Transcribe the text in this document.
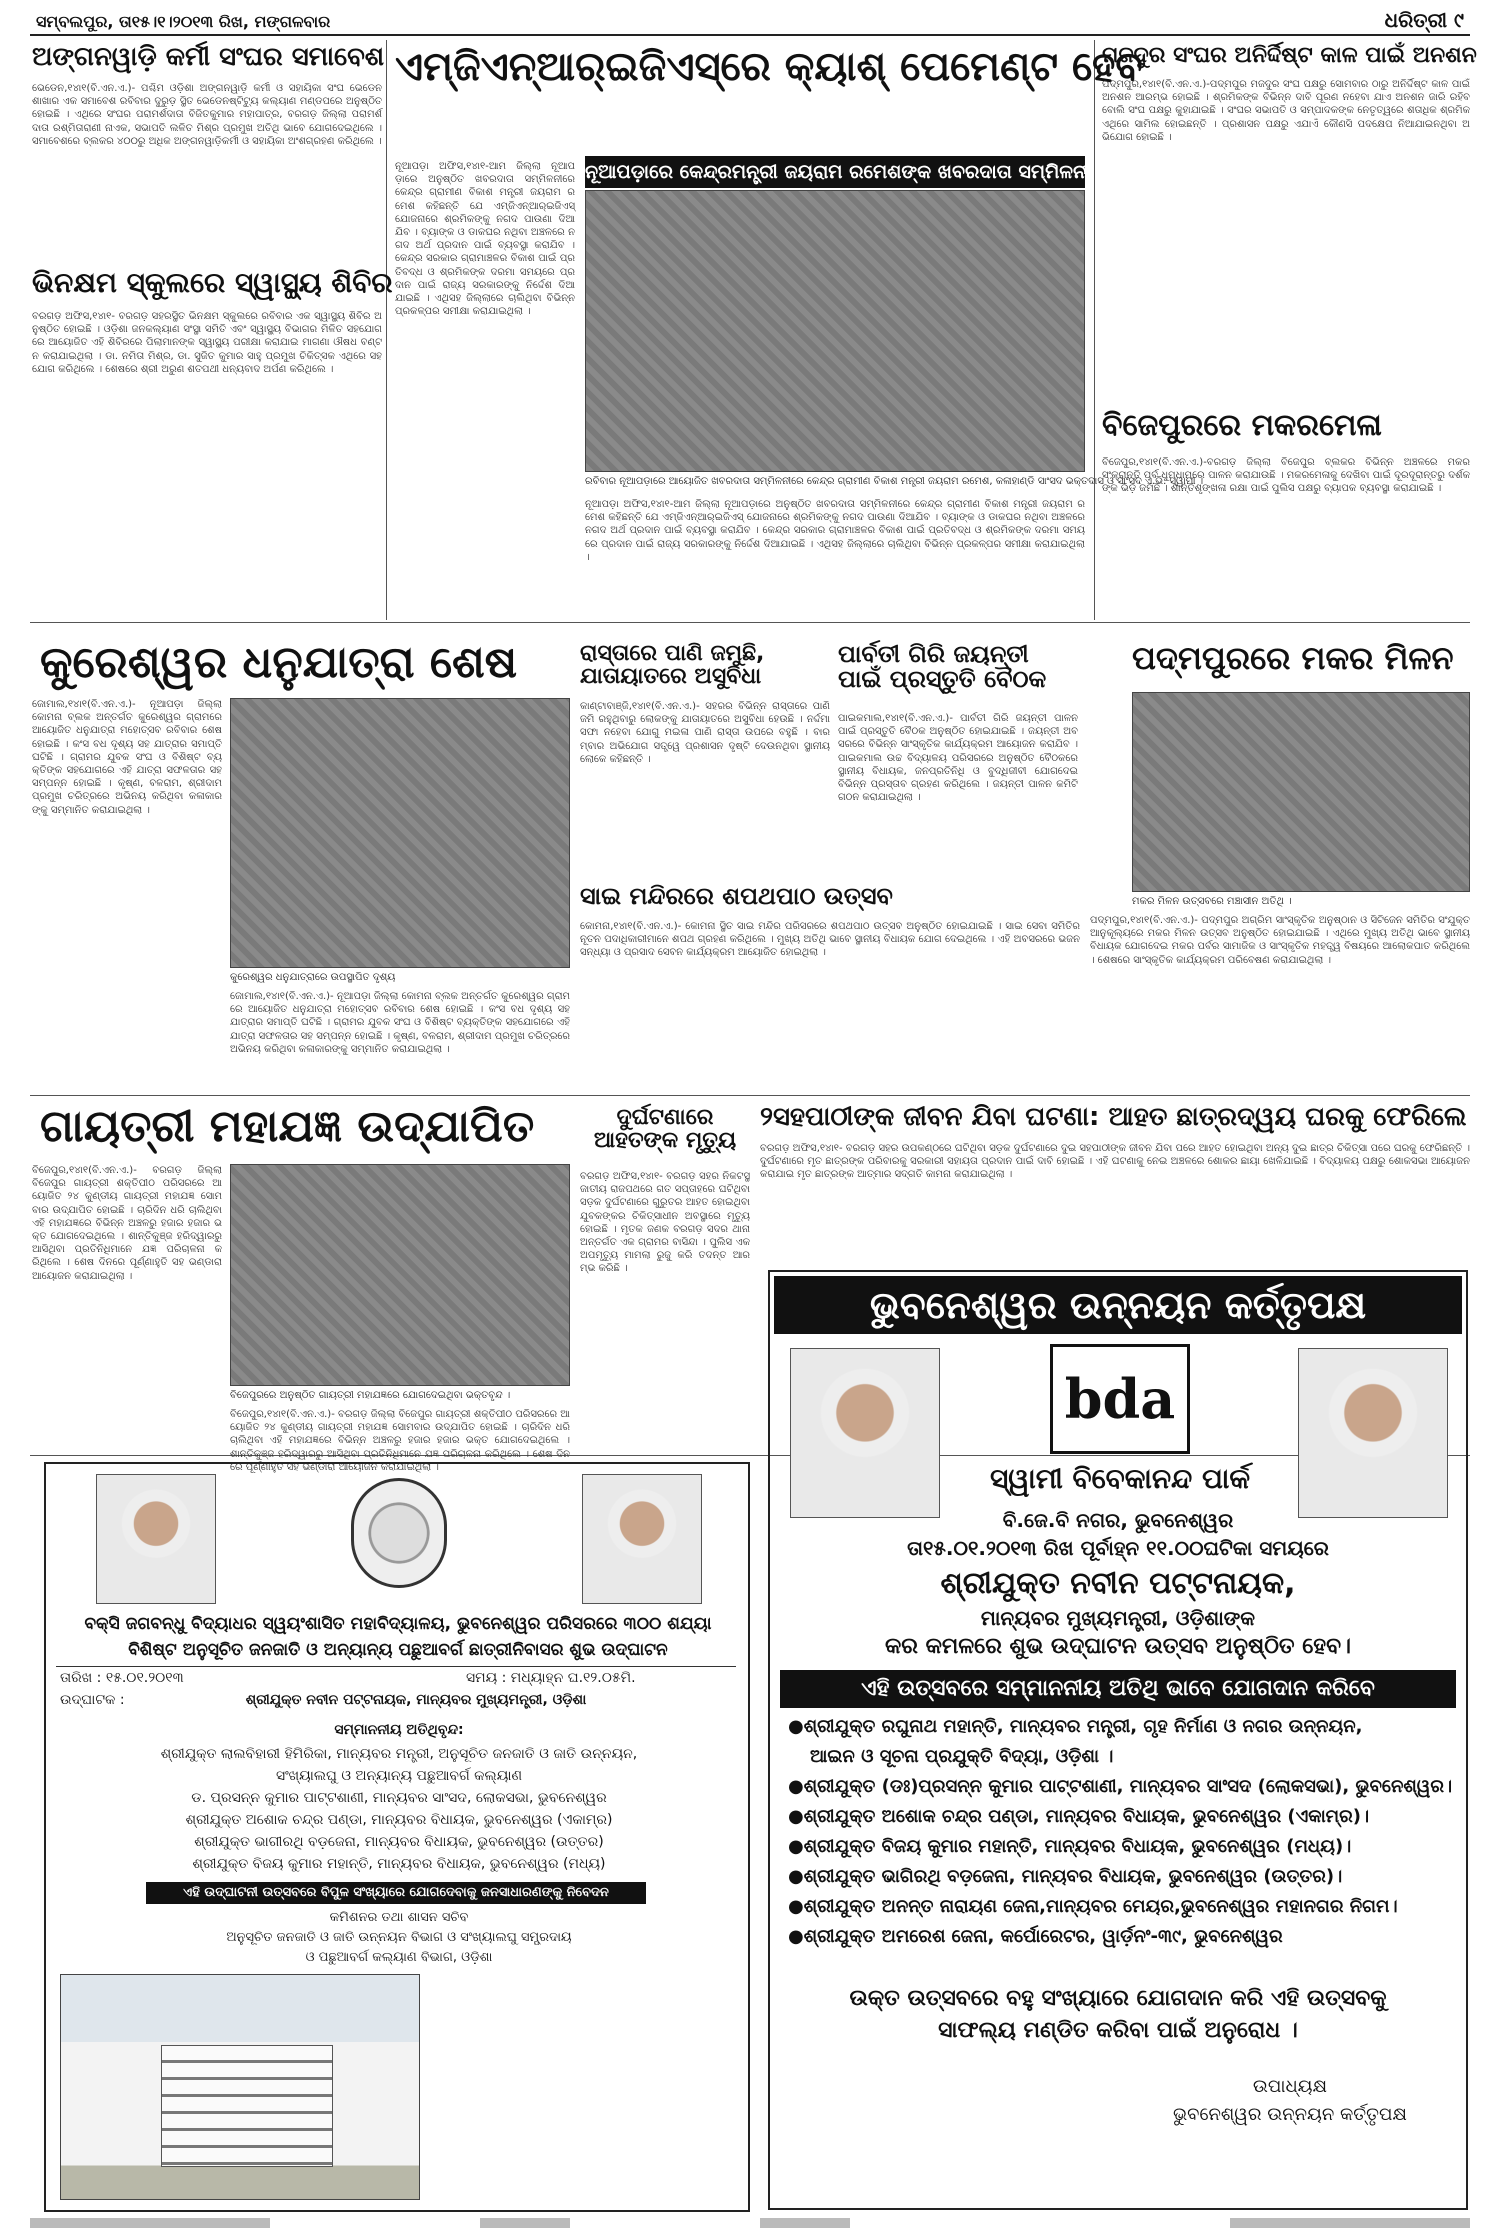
ସମ୍ବଲପୁର, ତା୧୫।୧।୨୦୧୩ ରିଖ, ମଙ୍ଗଳବାର	ଧରିତ୍ରୀ ୯
ଅଙ୍ଗନୱାଡ଼ି କର୍ମୀ ସଂଘର ସମାବେଶ
ଭେଡେନ,୧୪ା୧(ବି.ଏନ.ଏ.)- ପଶ୍ଚିମ ଓଡ଼ିଶା ଅଙ୍ଗନୱାଡ଼ି କର୍ମୀ ଓ ସହାୟିକା ସଂଘ ଭେଡେନ ଶାଖାର ଏକ ସମାବେଶ ରବିବାର ଦୁରୁଡ଼ ସ୍ଥିତ ଭେଡେନଷ୍ଟିଟ୍ୟୁ କଲ୍ୟାଣ ମଣ୍ଡପରେ ଅନୁଷ୍ଠିତ ହୋଇଛି । ଏଥିରେ ସଂଘର ପରାମର୍ଶଦାତା ବିଜିତକୁମାର ମହାପାତ୍ର, ବରଗଡ଼ ଜିଲ୍ଲା ପରାମର୍ଶଦାତା ରଶ୍ମିତାରାଣୀ ନାଏକ, ସଭାପତି ଲଳିତ ମିଶ୍ର ପ୍ରମୁଖ ଅତିଥି ଭାବେ ଯୋଗଦେଇଥିଲେ । ସମାବେଶରେ ବ୍ଲକର ୪୦୦ରୁ ଅଧିକ ଅଙ୍ଗନୱାଡ଼ିକର୍ମୀ ଓ ସହାୟିକା ଅଂଶଗ୍ରହଣ କରିଥିଲେ ।
ଭିନକ୍ଷମ ସ୍କୁଲରେ ସ୍ୱାସ୍ଥ୍ୟ ଶିବିର
ବରଗଡ଼ ଅଫିସ,୧୪ା୧- ବରଗଡ଼ ସହରସ୍ଥିତ ଭିନକ୍ଷମ ସ୍କୁଲରେ ରବିବାର ଏକ ସ୍ୱାସ୍ଥ୍ୟ ଶିବିର ଅନୁଷ୍ଠିତ ହୋଇଛି । ଓଡ଼ିଶା ଜନକଲ୍ୟାଣ ସଂସ୍ଥା ସମିତି ଏବଂ ସ୍ୱାସ୍ଥ୍ୟ ବିଭାଗର ମିଳିତ ସହଯୋଗରେ ଆୟୋଜିତ ଏହି ଶିବିରରେ ପିଲାମାନଙ୍କ ସ୍ୱାସ୍ଥ୍ୟ ପରୀକ୍ଷା କରାଯାଇ ମାଗଣା ଔଷଧ ବଣ୍ଟନ କରାଯାଇଥିଲା । ଡା. ନମିତା ମିଶ୍ର, ଡା. ସୁଜିତ କୁମାର ସାହୁ ପ୍ରମୁଖ ଚିକିତ୍ସକ ଏଥିରେ ସହଯୋଗ କରିଥିଲେ । ଶେଷରେ ଶ୍ରୀ ଅରୁଣ ଶତପଥୀ ଧନ୍ୟବାଦ ଅର୍ପଣ କରିଥିଲେ ।
ଏମ୍‌ଜିଏନ୍‌ଆର୍‌ଇଜିଏସ୍‌ରେ କ୍ୟାଶ୍ ପେମେଣ୍ଟ ହେବ
ନୂଆପଡ଼ା ଅଫିସ,୧୪ା୧-ଆମ ଜିଲ୍ଲା ନୂଆପଡ଼ାରେ ଅନୁଷ୍ଠିତ ଖବରଦାତା ସମ୍ମିଳନୀରେ କେନ୍ଦ୍ର ଗ୍ରାମୀଣ ବିକାଶ ମନ୍ତ୍ରୀ ଜୟରାମ ରମେଶ କହିଛନ୍ତି ଯେ ଏମ୍‌ଜିଏନ୍‌ଆର୍‌ଇଜିଏସ୍ ଯୋଜନାରେ ଶ୍ରମିକଙ୍କୁ ନଗଦ ପାଉଣା ଦିଆଯିବ । ବ୍ୟାଙ୍କ ଓ ଡାକଘର ନଥିବା ଅଞ୍ଚଳରେ ନଗଦ ଅର୍ଥ ପ୍ରଦାନ ପାଇଁ ବ୍ୟବସ୍ଥା କରାଯିବ । କେନ୍ଦ୍ର ସରକାର ଗ୍ରାମାଞ୍ଚଳର ବିକାଶ ପାଇଁ ପ୍ରତିବଦ୍ଧ ଓ ଶ୍ରମିକଙ୍କ ଦରମା ସମୟରେ ପ୍ରଦାନ ପାଇଁ ରାଜ୍ୟ ସରକାରଙ୍କୁ ନିର୍ଦ୍ଦେଶ ଦିଆଯାଇଛି । ଏଥିସହ ଜିଲ୍ଲାରେ ଚାଲିଥିବା ବିଭିନ୍ନ ପ୍ରକଳ୍ପର ସମୀକ୍ଷା କରାଯାଇଥିଲା ।
ନୂଆପଡ଼ାରେ କେନ୍ଦ୍ରମନ୍ତ୍ରୀ ଜୟରାମ ରମେଶଙ୍କ ଖବରଦାତା ସମ୍ମିଳନୀ
ରବିବାର ନୂଆପଡ଼ାରେ ଆୟୋଜିତ ଖବରଦାତା ସମ୍ମିଳନୀରେ କେନ୍ଦ୍ର ଗ୍ରାମୀଣ ବିକାଶ ମନ୍ତ୍ରୀ ଜୟରାମ ରମେଶ, କଳାହାଣ୍ଡି ସାଂସଦ ଭକ୍ତଦାସ ଓ ସାଂସଦ ଏ.ଭି. ସ୍ୱାମୀ ।
ନୂଆପଡ଼ା ଅଫିସ,୧୪ା୧-ଆମ ଜିଲ୍ଲା ନୂଆପଡ଼ାରେ ଅନୁଷ୍ଠିତ ଖବରଦାତା ସମ୍ମିଳନୀରେ କେନ୍ଦ୍ର ଗ୍ରାମୀଣ ବିକାଶ ମନ୍ତ୍ରୀ ଜୟରାମ ରମେଶ କହିଛନ୍ତି ଯେ ଏମ୍‌ଜିଏନ୍‌ଆର୍‌ଇଜିଏସ୍ ଯୋଜନାରେ ଶ୍ରମିକଙ୍କୁ ନଗଦ ପାଉଣା ଦିଆଯିବ । ବ୍ୟାଙ୍କ ଓ ଡାକଘର ନଥିବା ଅଞ୍ଚଳରେ ନଗଦ ଅର୍ଥ ପ୍ରଦାନ ପାଇଁ ବ୍ୟବସ୍ଥା କରାଯିବ । କେନ୍ଦ୍ର ସରକାର ଗ୍ରାମାଞ୍ଚଳର ବିକାଶ ପାଇଁ ପ୍ରତିବଦ୍ଧ ଓ ଶ୍ରମିକଙ୍କ ଦରମା ସମୟରେ ପ୍ରଦାନ ପାଇଁ ରାଜ୍ୟ ସରକାରଙ୍କୁ ନିର୍ଦ୍ଦେଶ ଦିଆଯାଇଛି । ଏଥିସହ ଜିଲ୍ଲାରେ ଚାଲିଥିବା ବିଭିନ୍ନ ପ୍ରକଳ୍ପର ସମୀକ୍ଷା କରାଯାଇଥିଲା ।
ମଜଦୁର ସଂଘର ଅନିର୍ଦ୍ଦିଷ୍ଟ କାଳ ପାଇଁ ଅନଶନ
ପଦ୍ମପୁର,୧୪ା୧(ବି.ଏନ.ଏ.)-ପଦ୍ମପୁର ମଜଦୁର ସଂଘ ପକ୍ଷରୁ ସୋମବାର ଠାରୁ ଅନିର୍ଦ୍ଦିଷ୍ଟ କାଳ ପାଇଁ ଅନଶନ ଆରମ୍ଭ ହୋଇଛି । ଶ୍ରମିକଙ୍କ ବିଭିନ୍ନ ଦାବି ପୂରଣ ନହେବା ଯାଏ ଅନଶନ ଜାରି ରହିବ ବୋଲି ସଂଘ ପକ୍ଷରୁ କୁହାଯାଇଛି । ସଂଘର ସଭାପତି ଓ ସମ୍ପାଦକଙ୍କ ନେତୃତ୍ୱରେ ଶତାଧିକ ଶ୍ରମିକ ଏଥିରେ ସାମିଲ ହୋଇଛନ୍ତି । ପ୍ରଶାସନ ପକ୍ଷରୁ ଏଯାଏଁ କୌଣସି ପଦକ୍ଷେପ ନିଆଯାଇନଥିବା ଅଭିଯୋଗ ହୋଇଛି ।
ବିଜେପୁରରେ ମକରମେଳା
ବିଜେପୁର,୧୪ା୧(ବି.ଏନ.ଏ.)-ବରଗଡ଼ ଜିଲ୍ଲା ବିଜେପୁର ବ୍ଲକର ବିଭିନ୍ନ ଅଞ୍ଚଳରେ ମକର ସଂକ୍ରାନ୍ତି ପର୍ବ ଧୁମଧାମରେ ପାଳନ କରାଯାଉଛି । ମକରମେଳାକୁ ଦେଖିବା ପାଇଁ ଦୂରଦୂରାନ୍ତରୁ ଦର୍ଶକଙ୍କ ଭିଡ଼ ଜମିଛି । ଶାନ୍ତିଶୃଙ୍ଖଳା ରକ୍ଷା ପାଇଁ ପୁଲିସ ପକ୍ଷରୁ ବ୍ୟାପକ ବ୍ୟବସ୍ଥା କରାଯାଇଛି ।
କୁରେଶ୍ୱର ଧନୁଯାତ୍ରା ଶେଷ
ଜୋମାଲ,୧୪ା୧(ବି.ଏନ.ଏ.)- ନୂଆପଡ଼ା ଜିଲ୍ଲା କୋମନା ବ୍ଲକ ଅନ୍ତର୍ଗତ କୁରେଶ୍ୱର ଗ୍ରାମରେ ଆୟୋଜିତ ଧନୁଯାତ୍ରା ମହୋତ୍ସବ ରବିବାର ଶେଷ ହୋଇଛି । କଂସ ବଧ ଦୃଶ୍ୟ ସହ ଯାତ୍ରାର ସମାପ୍ତି ଘଟିଛି । ଗ୍ରାମର ଯୁବକ ସଂଘ ଓ ବିଶିଷ୍ଟ ବ୍ୟକ୍ତିଙ୍କ ସହଯୋଗରେ ଏହି ଯାତ୍ରା ସଫଳତାର ସହ ସମ୍ପନ୍ନ ହୋଇଛି । କୃଷ୍ଣ, ବଳରାମ, ଶ୍ରୀଦାମ ପ୍ରମୁଖ ଚରିତ୍ରରେ ଅଭିନୟ କରିଥିବା କଳାକାରଙ୍କୁ ସମ୍ମାନିତ କରାଯାଇଥିଲା ।
କୁରେଶ୍ୱର ଧନୁଯାତ୍ରାରେ ଉପସ୍ଥାପିତ ଦୃଶ୍ୟ
ଜୋମାଲ,୧୪ା୧(ବି.ଏନ.ଏ.)- ନୂଆପଡ଼ା ଜିଲ୍ଲା କୋମନା ବ୍ଲକ ଅନ୍ତର୍ଗତ କୁରେଶ୍ୱର ଗ୍ରାମରେ ଆୟୋଜିତ ଧନୁଯାତ୍ରା ମହୋତ୍ସବ ରବିବାର ଶେଷ ହୋଇଛି । କଂସ ବଧ ଦୃଶ୍ୟ ସହ ଯାତ୍ରାର ସମାପ୍ତି ଘଟିଛି । ଗ୍ରାମର ଯୁବକ ସଂଘ ଓ ବିଶିଷ୍ଟ ବ୍ୟକ୍ତିଙ୍କ ସହଯୋଗରେ ଏହି ଯାତ୍ରା ସଫଳତାର ସହ ସମ୍ପନ୍ନ ହୋଇଛି । କୃଷ୍ଣ, ବଳରାମ, ଶ୍ରୀଦାମ ପ୍ରମୁଖ ଚରିତ୍ରରେ ଅଭିନୟ କରିଥିବା କଳାକାରଙ୍କୁ ସମ୍ମାନିତ କରାଯାଇଥିଲା ।
ରାସ୍ତାରେ ପାଣି ଜମୁଛି, ଯାତାୟାତରେ ଅସୁବିଧା
କାଣ୍ଟାବାଞ୍ଜି,୧୪ା୧(ବି.ଏନ.ଏ.)- ସହରର ବିଭିନ୍ନ ରାସ୍ତାରେ ପାଣି ଜମି ରହୁଥିବାରୁ ଲୋକଙ୍କୁ ଯାତାୟାତରେ ଅସୁବିଧା ହେଉଛି । ନର୍ଦ୍ଦମା ସଫା ନହେବା ଯୋଗୁ ମଇଳା ପାଣି ରାସ୍ତା ଉପରେ ବହୁଛି । ବାରମ୍ବାର ଅଭିଯୋଗ ସତ୍ତ୍ୱେ ପ୍ରଶାସନ ଦୃଷ୍ଟି ଦେଉନଥିବା ସ୍ଥାନୀୟ ଲୋକେ କହିଛନ୍ତି ।
ସାଇ ମନ୍ଦିରରେ ଶପଥପାଠ ଉତ୍ସବ
କୋମନା,୧୪ା୧(ବି.ଏନ.ଏ.)- କୋମନା ସ୍ଥିତ ସାଇ ମନ୍ଦିର ପରିସରରେ ଶପଥପାଠ ଉତ୍ସବ ଅନୁଷ୍ଠିତ ହୋଇଯାଇଛି । ସାଇ ସେବା ସମିତିର ନୂତନ ପଦାଧିକାରୀମାନେ ଶପଥ ଗ୍ରହଣ କରିଥିଲେ । ମୁଖ୍ୟ ଅତିଥି ଭାବେ ସ୍ଥାନୀୟ ବିଧାୟକ ଯୋଗ ଦେଇଥିଲେ । ଏହି ଅବସରରେ ଭଜନ ସନ୍ଧ୍ୟା ଓ ପ୍ରସାଦ ସେବନ କାର୍ଯ୍ୟକ୍ରମ ଆୟୋଜିତ ହୋଇଥିଲା ।
ପାର୍ବତୀ ଗିରି ଜୟନ୍ତୀ ପାଇଁ ପ୍ରସ୍ତୁତି ବୈଠକ
ପାଇକମାଲ,୧୪ା୧(ବି.ଏନ.ଏ.)- ପାର୍ବତୀ ଗିରି ଜୟନ୍ତୀ ପାଳନ ପାଇଁ ପ୍ରସ୍ତୁତି ବୈଠକ ଅନୁଷ୍ଠିତ ହୋଇଯାଇଛି । ଜୟନ୍ତୀ ଅବସରରେ ବିଭିନ୍ନ ସାଂସ୍କୃତିକ କାର୍ଯ୍ୟକ୍ରମ ଆୟୋଜନ କରାଯିବ । ପାଇକମାଲ ଉଚ୍ଚ ବିଦ୍ୟାଳୟ ପରିସରରେ ଅନୁଷ୍ଠିତ ବୈଠକରେ ସ୍ଥାନୀୟ ବିଧାୟକ, ଜନପ୍ରତିନିଧି ଓ ବୁଦ୍ଧିଜୀବୀ ଯୋଗଦେଇ ବିଭିନ୍ନ ପ୍ରସ୍ତାବ ଗ୍ରହଣ କରିଥିଲେ । ଜୟନ୍ତୀ ପାଳନ କମିଟି ଗଠନ କରାଯାଇଥିଲା ।
ପଦ୍ମପୁରରେ ମକର ମିଳନ
ମକର ମିଳନ ଉତ୍ସବରେ ମଞ୍ଚାସୀନ ଅତିଥି ।
ପଦ୍ମପୁର,୧୪ା୧(ବି.ଏନ.ଏ.)- ପଦ୍ମପୁର ଅଗ୍ରିମ ସାଂସ୍କୃତିକ ଅନୁଷ୍ଠାନ ଓ ସିଟିଜେନ ସମିତିର ସଂଯୁକ୍ତ ଆନୁକୂଲ୍ୟରେ ମକର ମିଳନ ଉତ୍ସବ ଅନୁଷ୍ଠିତ ହୋଇଯାଇଛି । ଏଥିରେ ମୁଖ୍ୟ ଅତିଥି ଭାବେ ସ୍ଥାନୀୟ ବିଧାୟକ ଯୋଗଦେଇ ମକର ପର୍ବର ସାମାଜିକ ଓ ସାଂସ୍କୃତିକ ମହତ୍ତ୍ୱ ବିଷୟରେ ଆଲୋକପାତ କରିଥିଲେ । ଶେଷରେ ସାଂସ୍କୃତିକ କାର୍ଯ୍ୟକ୍ରମ ପରିବେଷଣ କରାଯାଇଥିଲା ।
ଗାୟତ୍ରୀ ମହାଯଜ୍ଞ ଉଦ୍‌ଯାପିତ
ବିଜେପୁର,୧୪ା୧(ବି.ଏନ.ଏ.)- ବରଗଡ଼ ଜିଲ୍ଲା ବିଜେପୁର ଗାୟତ୍ରୀ ଶକ୍ତିପୀଠ ପରିସରରେ ଆୟୋଜିତ ୨୪ କୁଣ୍ଡୀୟ ଗାୟତ୍ରୀ ମହାଯଜ୍ଞ ସୋମବାର ଉଦ୍‌ଯାପିତ ହୋଇଛି । ଚାରିଦିନ ଧରି ଚାଲିଥିବା ଏହି ମହାଯଜ୍ଞରେ ବିଭିନ୍ନ ଅଞ୍ଚଳରୁ ହଜାର ହଜାର ଭକ୍ତ ଯୋଗଦେଇଥିଲେ । ଶାନ୍ତିକୁଞ୍ଜ ହରିଦ୍ୱାରରୁ ଆସିଥିବା ପ୍ରତିନିଧିମାନେ ଯଜ୍ଞ ପରିଚାଳନା କରିଥିଲେ । ଶେଷ ଦିନରେ ପୂର୍ଣ୍ଣାହୁତି ସହ ଭଣ୍ଡାରା ଆୟୋଜନ କରାଯାଇଥିଲା ।
ବିଜେପୁରରେ ଅନୁଷ୍ଠିତ ଗାୟତ୍ରୀ ମହାଯଜ୍ଞରେ ଯୋଗଦେଇଥିବା ଭକ୍ତବୃନ୍ଦ ।
ବିଜେପୁର,୧୪ା୧(ବି.ଏନ.ଏ.)- ବରଗଡ଼ ଜିଲ୍ଲା ବିଜେପୁର ଗାୟତ୍ରୀ ଶକ୍ତିପୀଠ ପରିସରରେ ଆୟୋଜିତ ୨୪ କୁଣ୍ଡୀୟ ଗାୟତ୍ରୀ ମହାଯଜ୍ଞ ସୋମବାର ଉଦ୍‌ଯାପିତ ହୋଇଛି । ଚାରିଦିନ ଧରି ଚାଲିଥିବା ଏହି ମହାଯଜ୍ଞରେ ବିଭିନ୍ନ ଅଞ୍ଚଳରୁ ହଜାର ହଜାର ଭକ୍ତ ଯୋଗଦେଇଥିଲେ । ଶାନ୍ତିକୁଞ୍ଜ ହରିଦ୍ୱାରରୁ ଆସିଥିବା ପ୍ରତିନିଧିମାନେ ଯଜ୍ଞ ପରିଚାଳନା କରିଥିଲେ । ଶେଷ ଦିନରେ ପୂର୍ଣ୍ଣାହୁତି ସହ ଭଣ୍ଡାରା ଆୟୋଜନ କରାଯାଇଥିଲା ।
ଦୁର୍ଘଟଣାରେ ଆହତଙ୍କ ମୃତ୍ୟୁ
ବରଗଡ଼ ଅଫିସ,୧୪ା୧- ବରଗଡ଼ ସହର ନିକଟସ୍ଥ ଜାତୀୟ ରାଜପଥରେ ଗତ ସପ୍ତାହରେ ଘଟିଥିବା ସଡ଼କ ଦୁର୍ଘଟଣାରେ ଗୁରୁତର ଆହତ ହୋଇଥିବା ଯୁବକଙ୍କର ଚିକିତ୍ସାଧୀନ ଅବସ୍ଥାରେ ମୃତ୍ୟୁ ହୋଇଛି । ମୃତକ ଜଣକ ବରଗଡ଼ ସଦର ଥାନା ଅନ୍ତର୍ଗତ ଏକ ଗ୍ରାମର ବାସିନ୍ଦା । ପୁଲିସ ଏକ ଅପମୃତ୍ୟୁ ମାମଲା ରୁଜୁ କରି ତଦନ୍ତ ଆରମ୍ଭ କରିଛି ।
୨ସହପାଠୀଙ୍କ ଜୀବନ ଯିବା ଘଟଣା: ଆହତ ଛାତ୍ରଦ୍ୱୟ ଘରକୁ ଫେରିଲେ
ବରଗଡ଼ ଅଫିସ,୧୪ା୧- ବରଗଡ଼ ସହର ଉପକଣ୍ଠରେ ଘଟିଥିବା ସଡ଼କ ଦୁର୍ଘଟଣାରେ ଦୁଇ ସହପାଠୀଙ୍କ ଜୀବନ ଯିବା ପରେ ଆହତ ହୋଇଥିବା ଅନ୍ୟ ଦୁଇ ଛାତ୍ର ଚିକିତ୍ସା ପରେ ଘରକୁ ଫେରିଛନ୍ତି । ଦୁର୍ଘଟଣାରେ ମୃତ ଛାତ୍ରଙ୍କ ପରିବାରକୁ ସରକାରୀ ସହାୟତା ପ୍ରଦାନ ପାଇଁ ଦାବି ହୋଇଛି । ଏହି ଘଟଣାକୁ ନେଇ ଅଞ୍ଚଳରେ ଶୋକର ଛାୟା ଖେଳିଯାଇଛି । ବିଦ୍ୟାଳୟ ପକ୍ଷରୁ ଶୋକସଭା ଆୟୋଜନ କରାଯାଇ ମୃତ ଛାତ୍ରଙ୍କ ଆତ୍ମାର ସଦ୍‌ଗତି କାମନା କରାଯାଇଥିଲା ।
ଭୁବନେଶ୍ୱର ଉନ୍ନୟନ କର୍ତ୍ତୃପକ୍ଷ
bda
ସ୍ୱାମୀ ବିବେକାନନ୍ଦ ପାର୍କ
ବି.ଜେ.ବି ନଗର, ଭୁବନେଶ୍ୱର
ତା୧୫.୦୧.୨୦୧୩ ରିଖ ପୂର୍ବାହ୍ନ ୧୧.୦୦ଘଟିକା ସମୟରେ
ଶ୍ରୀଯୁକ୍ତ ନବୀନ ପଟ୍ଟନାୟକ,
ମାନ୍ୟବର ମୁଖ୍ୟମନ୍ତ୍ରୀ, ଓଡ଼ିଶାଙ୍କ
କର କମଳରେ ଶୁଭ ଉଦ୍‌ଘାଟନ ଉତ୍ସବ ଅନୁଷ୍ଠିତ ହେବ।
ଏହି ଉତ୍ସବରେ ସମ୍ମାନନୀୟ ଅତିଥି ଭାବେ ଯୋଗଦାନ କରିବେ
● ଶ୍ରୀଯୁକ୍ତ ରଘୁନାଥ ମହାନ୍ତି, ମାନ୍ୟବର ମନ୍ତ୍ରୀ, ଗୃହ ନିର୍ମାଣ ଓ ନଗର ଉନ୍ନୟନ,
ଆଇନ ଓ ସୂଚନା ପ୍ରଯୁକ୍ତି ବିଦ୍ୟା, ଓଡ଼ିଶା ।
● ଶ୍ରୀଯୁକ୍ତ (ଡଃ)ପ୍ରସନ୍ନ କୁମାର ପାଟ୍ଟଶାଣୀ, ମାନ୍ୟବର ସାଂସଦ (ଲୋକସଭା), ଭୁବନେଶ୍ୱର।
● ଶ୍ରୀଯୁକ୍ତ ଅଶୋକ ଚନ୍ଦ୍ର ପଣ୍ଡା, ମାନ୍ୟବର ବିଧାୟକ, ଭୁବନେଶ୍ୱର (ଏକାମ୍ର)।
● ଶ୍ରୀଯୁକ୍ତ ବିଜୟ କୁମାର ମହାନ୍ତି, ମାନ୍ୟବର ବିଧାୟକ, ଭୁବନେଶ୍ୱର (ମଧ୍ୟ)।
● ଶ୍ରୀଯୁକ୍ତ ଭାଗିରଥି ବଡ଼ଜେନା, ମାନ୍ୟବର ବିଧାୟକ, ଭୁବନେଶ୍ୱର (ଉତ୍ତର)।
● ଶ୍ରୀଯୁକ୍ତ ଅନନ୍ତ ନାରାୟଣ ଜେନା,ମାନ୍ୟବର ମେୟର,ଭୁବନେଶ୍ୱର ମହାନଗର ନିଗମ।
● ଶ୍ରୀଯୁକ୍ତ ଅମରେଶ ଜେନା, କର୍ପୋରେଟର, ୱାର୍ଡ଼ନଂ-୩୯, ଭୁବନେଶ୍ୱର
ଉକ୍ତ ଉତ୍ସବରେ ବହୁ ସଂଖ୍ୟାରେ ଯୋଗଦାନ କରି ଏହି ଉତ୍ସବକୁ
ସାଫଲ୍ୟ ମଣ୍ଡିତ କରିବା ପାଇଁ ଅନୁରୋଧ ।
ଉପାଧ୍ୟକ୍ଷ
ଭୁବନେଶ୍ୱର ଉନ୍ନୟନ କର୍ତ୍ତୃପକ୍ଷ
ବକ୍ସି ଜଗବନ୍ଧୁ ବିଦ୍ୟାଧର ସ୍ୱୟଂଶାସିତ ମହାବିଦ୍ୟାଳୟ, ଭୁବନେଶ୍ୱର ପରିସରରେ ୩୦୦ ଶଯ୍ୟା
ବିଶିଷ୍ଟ ଅନୁସୂଚିତ ଜନଜାତି ଓ ଅନ୍ୟାନ୍ୟ ପଛୁଆବର୍ଗ ଛାତ୍ରୀନିବାସର ଶୁଭ ଉଦ୍‌ଘାଟନ
ତାରିଖ : ୧୫.୦୧.୨୦୧୩	ସମୟ : ମଧ୍ୟାହ୍ନ ଘ.୧୨.୦୫ମି.
ଉଦ୍‌ଘାଟକ :	ଶ୍ରୀଯୁକ୍ତ ନବୀନ ପଟ୍ଟନାୟକ, ମାନ୍ୟବର ମୁଖ୍ୟମନ୍ତ୍ରୀ, ଓଡ଼ିଶା
ସମ୍ମାନନୀୟ ଅତିଥିବୃନ୍ଦ:
ଶ୍ରୀଯୁକ୍ତ ଲାଲବିହାରୀ ହିମିରିକା, ମାନ୍ୟବର ମନ୍ତ୍ରୀ, ଅନୁସୂଚିତ ଜନଜାତି ଓ ଜାତି ଉନ୍ନୟନ,
ସଂଖ୍ୟାଲଘୁ ଓ ଅନ୍ୟାନ୍ୟ ପଛୁଆବର୍ଗ କଲ୍ୟାଣ
ଡ. ପ୍ରସନ୍ନ କୁମାର ପାଟ୍ଟଶାଣୀ, ମାନ୍ୟବର ସାଂସଦ, ଲୋକସଭା, ଭୁବନେଶ୍ୱର
ଶ୍ରୀଯୁକ୍ତ ଅଶୋକ ଚନ୍ଦ୍ର ପଣ୍ଡା, ମାନ୍ୟବର ବିଧାୟକ, ଭୁବନେଶ୍ୱର (ଏକାମ୍ର)
ଶ୍ରୀଯୁକ୍ତ ଭାଗୀରଥି ବଡ଼ଜେନା, ମାନ୍ୟବର ବିଧାୟକ, ଭୁବନେଶ୍ୱର (ଉତ୍ତର)
ଶ୍ରୀଯୁକ୍ତ ବିଜୟ କୁମାର ମହାନ୍ତି, ମାନ୍ୟବର ବିଧାୟକ, ଭୁବନେଶ୍ୱର (ମଧ୍ୟ)
ଏହି ଉଦ୍‌ଘାଟନୀ ଉତ୍ସବରେ ବିପୁଳ ସଂଖ୍ୟାରେ ଯୋଗଦେବାକୁ ଜନସାଧାରଣଙ୍କୁ ନିବେଦନ
କମିଶନର ତଥା ଶାସନ ସଚିବ
ଅନୁସୂଚିତ ଜନଜାତି ଓ ଜାତି ଉନ୍ନୟନ ବିଭାଗ ଓ ସଂଖ୍ୟାଲଘୁ ସମ୍ପ୍ରଦାୟ
ଓ ପଛୁଆବର୍ଗ କଲ୍ୟାଣ ବିଭାଗ, ଓଡ଼ିଶା
